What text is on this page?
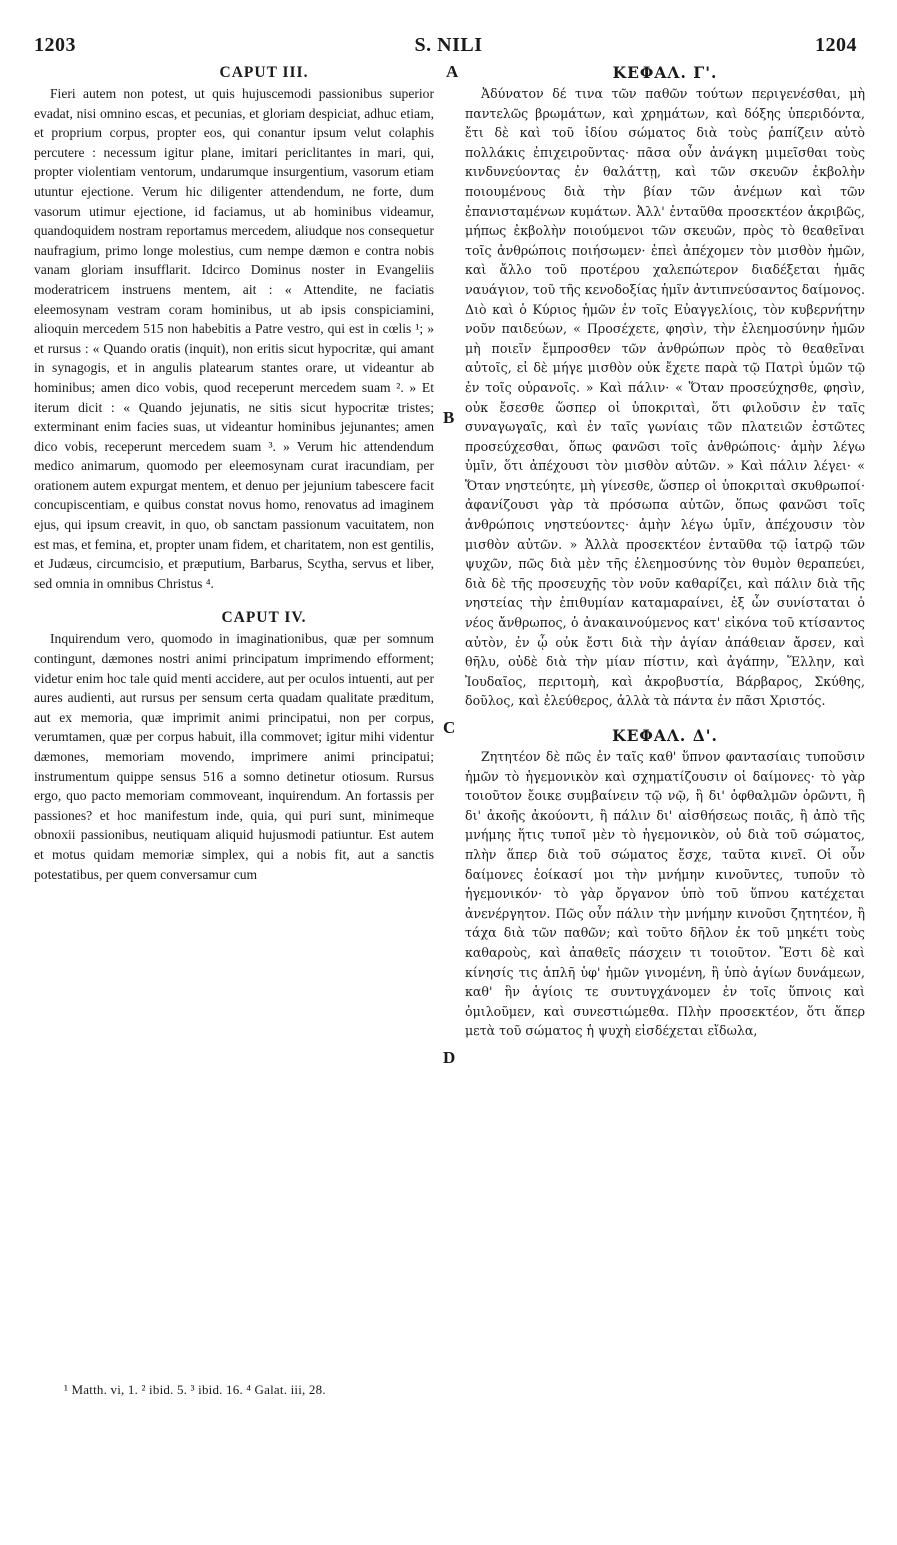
1203	S. NILI	1204
A
B
C
D
CAPUT III.

Fieri autem non potest, ut quis hujuscemodi passionibus superior evadat, nisi omnino escas, et pecunias, et gloriam despiciat, adhuc etiam, et proprium corpus, propter eos, qui conantur ipsum velut colaphis percutere : necessum igitur plane, imitari periclitantes in mari, qui, propter violentiam ventorum, undarumque insurgentium, vasorum etiam utuntur ejectione. Verum hic diligenter attendendum, ne forte, dum vasorum utimur ejectione, id faciamus, ut ab hominibus videamur, quandoquidem nostram reportamus mercedem, aliudque nos consequetur naufragium, primo longe molestius, cum nempe dæmon e contra nobis vanam gloriam insufflarit. Idcirco Dominus noster in Evangeliis moderatricem instruens mentem, ait : « Attendite, ne faciatis eleemosynam vestram coram hominibus, ut ab ipsis conspiciamini, alioquin mercedem 515 non habebitis a Patre vestro, qui est in cœlis ¹; » et rursus : « Quando oratis (inquit), non eritis sicut hypocritæ, qui amant in synagogis, et in angulis platearum stantes orare, ut videantur ab hominibus; amen dico vobis, quod receperunt mercedem suam ². » Et iterum dicit : « Quando jejunatis, ne sitis sicut hypocritæ tristes; exterminant enim facies suas, ut videantur hominibus jejunantes; amen dico vobis, receperunt mercedem suam ³. » Verum hic attendendum medico animarum, quomodo per eleemosynam curat iracundiam, per orationem autem expurgat mentem, et denuo per jejunium tabescere facit concupiscentiam, e quibus constat novus homo, renovatus ad imaginem ejus, qui ipsum creavit, in quo, ob sanctam passionum vacuitatem, non est mas, et femina, et, propter unam fidem, et charitatem, non est gentilis, et Judæus, circumcisio, et præputium, Barbarus, Scytha, servus et liber, sed omnia in omnibus Christus ⁴.

CAPUT IV.

Inquirendum vero, quomodo in imaginationibus, quæ per somnum contingunt, dæmones nostri animi principatum imprimendo efforment; videtur enim hoc tale quid menti accidere, aut per oculos intuenti, aut per aures audienti, aut rursus per sensum certa quadam qualitate præditum, aut ex memoria, quæ imprimit animi principatui, non per corpus, verumtamen, quæ per corpus habuit, illa commovet; igitur mihi videntur dæmones, memoriam movendo, imprimere animi principatui; instrumentum quippe sensus 516 a somno detinetur otiosum. Rursus ergo, quo pacto memoriam commoveant, inquirendum. An fortassis per passiones? et hoc manifestum inde, quia, qui puri sunt, minimeque obnoxii passionibus, neutiquam aliquid hujusmodi patiuntur. Est autem et motus quidam memoriæ simplex, qui a nobis fit, aut a sanctis potestatibus, per quem conversamur cum

ΚΕΦΑΛ. Γ'.

Ἀδύνατον δέ τινα τῶν παθῶν τούτων περιγενέσθαι, μὴ παντελῶς βρωμάτων, καὶ χρημάτων, καὶ δόξης ὑπεριδόντα, ἔτι δὲ καὶ τοῦ ἰδίου σώματος διὰ τοὺς ῥαπίζειν αὐτὸ πολλάκις ἐπιχειροῦντας· πᾶσα οὖν ἀνάγκη μιμεῖσθαι τοὺς κινδυνεύοντας ἐν θαλάττῃ, καὶ τῶν σκευῶν ἐκβολὴν ποιουμένους διὰ τὴν βίαν τῶν ἀνέμων καὶ τῶν ἐπανισταμένων κυμάτων. Ἀλλ' ἐνταῦθα προσεκτέον ἀκριβῶς, μήπως ἐκβολὴν ποιούμενοι τῶν σκευῶν, πρὸς τὸ θεαθεῖναι τοῖς ἀνθρώποις ποιήσωμεν· ἐπεὶ ἀπέχομεν τὸν μισθὸν ἡμῶν, καὶ ἄλλο τοῦ προτέρου χαλεπώτερον διαδέξεται ἡμᾶς ναυάγιον, τοῦ τῆς κενοδοξίας ἡμῖν ἀντιπνεύσαντος δαίμονος. Διὸ καὶ ὁ Κύριος ἡμῶν ἐν τοῖς Εὐαγγελίοις, τὸν κυβερνήτην νοῦν παιδεύων, « Προσέχετε, φησὶν, τὴν ἐλεημοσύνην ἡμῶν μὴ ποιεῖν ἔμπροσθεν τῶν ἀνθρώπων πρὸς τὸ θεαθεῖναι αὐτοῖς, εἰ δὲ μήγε μισθὸν οὐκ ἔχετε παρὰ τῷ Πατρὶ ὑμῶν τῷ ἐν τοῖς οὐρανοῖς. » Καὶ πάλιν· « Ὅταν προσεύχησθε, φησὶν, οὐκ ἔσεσθε ὥσπερ οἱ ὑποκριταὶ, ὅτι φιλοῦσιν ἐν ταῖς συναγωγαῖς, καὶ ἐν ταῖς γωνίαις τῶν πλατειῶν ἑστῶτες προσεύχεσθαι, ὅπως φανῶσι τοῖς ἀνθρώποις· ἀμὴν λέγω ὑμῖν, ὅτι ἀπέχουσι τὸν μισθὸν αὐτῶν. » Καὶ πάλιν λέγει· « Ὅταν νηστεύητε, μὴ γίνεσθε, ὥσπερ οἱ ὑποκριταὶ σκυθρωποί· ἀφανίζουσι γὰρ τὰ πρόσωπα αὐτῶν, ὅπως φανῶσι τοῖς ἀνθρώποις νηστεύοντες· ἀμὴν λέγω ὑμῖν, ἀπέχουσιν τὸν μισθὸν αὐτῶν. » Ἀλλὰ προσεκτέον ἐνταῦθα τῷ ἰατρῷ τῶν ψυχῶν, πῶς διὰ μὲν τῆς ἐλεημοσύνης τὸν θυμὸν θεραπεύει, διὰ δὲ τῆς προσευχῆς τὸν νοῦν καθαρίζει, καὶ πάλιν διὰ τῆς νηστείας τὴν ἐπιθυμίαν καταμαραίνει, ἐξ ὧν συνίσταται ὁ νέος ἄνθρωπος, ὁ ἀνακαινούμενος κατ' εἰκόνα τοῦ κτίσαντος αὐτὸν, ἐν ᾧ οὐκ ἔστι διὰ τὴν ἁγίαν ἀπάθειαν ἄρσεν, καὶ θῆλυ, οὐδὲ διὰ τὴν μίαν πίστιν, καὶ ἀγάπην, Ἕλλην, καὶ Ἰουδαῖος, περιτομὴ, καὶ ἀκροβυστία, Βάρβαρος, Σκύθης, δοῦλος, καὶ ἐλεύθερος, ἀλλὰ τὰ πάντα ἐν πᾶσι Χριστός.

ΚΕΦΑΛ. Δ'.

Ζητητέον δὲ πῶς ἐν ταῖς καθ' ὕπνον φαντασίαις τυποῦσιν ἡμῶν τὸ ἡγεμονικὸν καὶ σχηματίζουσιν οἱ δαίμονες· τὸ γὰρ τοιοῦτον ἔοικε συμβαίνειν τῷ νῷ, ἢ δι' ὀφθαλμῶν ὁρῶντι, ἢ δι' ἀκοῆς ἀκούοντι, ἢ πάλιν δι' αἰσθήσεως ποιᾶς, ἢ ἀπὸ τῆς μνήμης ἥτις τυποῖ μὲν τὸ ἡγεμονικὸν, οὐ διὰ τοῦ σώματος, πλὴν ἅπερ διὰ τοῦ σώματος ἔσχε, ταῦτα κινεῖ. Οἱ οὖν δαίμονες ἐοίκασί μοι τὴν μνήμην κινοῦντες, τυποῦν τὸ ἡγεμονικόν· τὸ γὰρ ὄργανον ὑπὸ τοῦ ὕπνου κατέχεται ἀνενέργητον. Πῶς οὖν πάλιν τὴν μνήμην κινοῦσι ζητητέον, ἢ τάχα διὰ τῶν παθῶν; καὶ τοῦτο δῆλον ἐκ τοῦ μηκέτι τοὺς καθαροὺς, καὶ ἀπαθεῖς πάσχειν τι τοιοῦτον. Ἔστι δὲ καὶ κίνησίς τις ἁπλῆ ὑφ' ἡμῶν γινομένη, ἢ ὑπὸ ἁγίων δυνάμεων, καθ' ἣν ἁγίοις τε συντυγχάνομεν ἐν τοῖς ὕπνοις καὶ ὁμιλοῦμεν, καὶ συνεστιώμεθα. Πλὴν προσεκτέον, ὅτι ἅπερ μετὰ τοῦ σώματος ἡ ψυχὴ εἰσδέχεται εἴδωλα,

¹ Matth. vi, 1. ² ibid. 5. ³ ibid. 16. ⁴ Galat. iii, 28.
